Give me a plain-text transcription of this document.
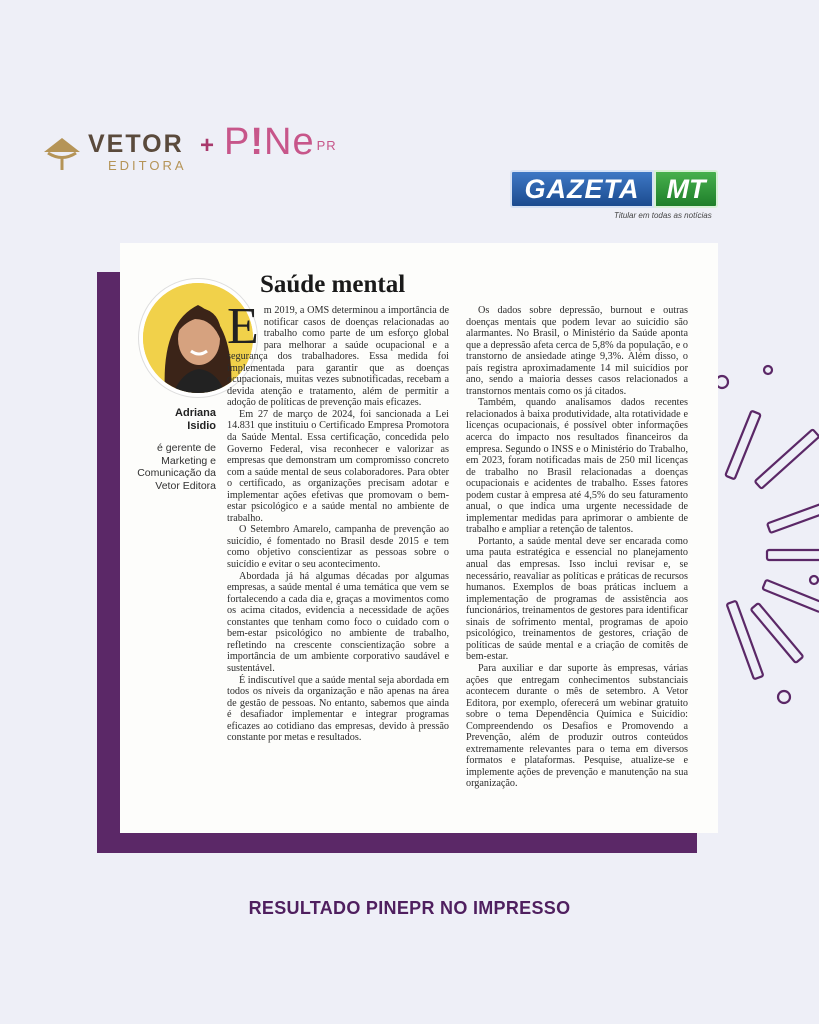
VETOR
EDITORA
+ P!Ne $^{PR}$
GAZETA	MT
Titular em todas as notícias
Adriana
Isidio
é gerente de Marketing e Comunicação da Vetor Editora
Saúde mental

Em 2019, a OMS determinou a importância de notificar casos de doenças relacionadas ao trabalho como parte de um esforço global para melhorar a saúde ocupacional e a segurança dos trabalhadores. Essa medida foi implementada para garantir que as doenças ocupacionais, muitas vezes subnotificadas, recebam a devida atenção e tratamento, além de permitir a adoção de políticas de prevenção mais eficazes.

Em 27 de março de 2024, foi sancionada a Lei 14.831 que instituiu o Certificado Empresa Promotora da Saúde Mental. Essa certificação, concedida pelo Governo Federal, visa reconhecer e valorizar as empresas que demonstram um compromisso concreto com a saúde mental de seus colaboradores. Para obter o certificado, as organizações precisam adotar e implementar ações efetivas que promovam o bem-estar psicológico e a saúde mental no ambiente de trabalho.

O Setembro Amarelo, campanha de prevenção ao suicídio, é fomentado no Brasil desde 2015 e tem como objetivo conscientizar as pessoas sobre o suicídio e evitar o seu acontecimento.

Abordada já há algumas décadas por algumas empresas, a saúde mental é uma temática que vem se fortalecendo a cada dia e, graças a movimentos como os acima citados, evidencia a necessidade de ações constantes que tenham como foco o cuidado com o bem-estar psicológico no ambiente de trabalho, refletindo na crescente conscientização sobre a importância de um ambiente corporativo saudável e sustentável.

É indiscutível que a saúde mental seja abordada em todos os níveis da organização e não apenas na área de gestão de pessoas. No entanto, sabemos que ainda é desafiador implementar e integrar programas eficazes ao cotidiano das empresas, devido à pressão constante por metas e resultados.

Os dados sobre depressão, burnout e outras doenças mentais que podem levar ao suicídio são alarmantes. No Brasil, o Ministério da Saúde aponta que a depressão afeta cerca de 5,8% da população, e o transtorno de ansiedade atinge 9,3%. Além disso, o país registra aproximadamente 14 mil suicídios por ano, sendo a maioria desses casos relacionados a transtornos mentais como os já citados.

Também, quando analisamos dados recentes relacionados à baixa produtividade, alta rotatividade e licenças ocupacionais, é possível obter informações acerca do impacto nos resultados financeiros da empresa. Segundo o INSS e o Ministério do Trabalho, em 2023, foram notificadas mais de 250 mil licenças de trabalho no Brasil relacionadas a doenças ocupacionais e acidentes de trabalho. Esses fatores podem custar à empresa até 4,5% do seu faturamento anual, o que indica uma urgente necessidade de implementar medidas para aprimorar o ambiente de trabalho e ampliar a retenção de talentos.

Portanto, a saúde mental deve ser encarada como uma pauta estratégica e essencial no planejamento anual das empresas. Isso inclui revisar e, se necessário, reavaliar as políticas e práticas de recursos humanos. Exemplos de boas práticas incluem a implementação de programas de assistência aos funcionários, treinamentos de gestores para identificar sinais de sofrimento mental, programas de apoio psicológico, treinamentos de gestores, criação de políticas de saúde mental e a criação de comitês de bem-estar.

Para auxiliar e dar suporte às empresas, várias ações que entregam conhecimentos substanciais acontecem durante o mês de setembro. A Vetor Editora, por exemplo, oferecerá um webinar gratuito sobre o tema Dependência Química e Suicídio: Compreendendo os Desafios e Promovendo a Prevenção, além de produzir outros conteúdos extremamente relevantes para o tema em diversos formatos e plataformas. Pesquise, atualize-se e implemente ações de prevenção e manutenção na sua organização.

RESULTADO PINEPR NO IMPRESSO
